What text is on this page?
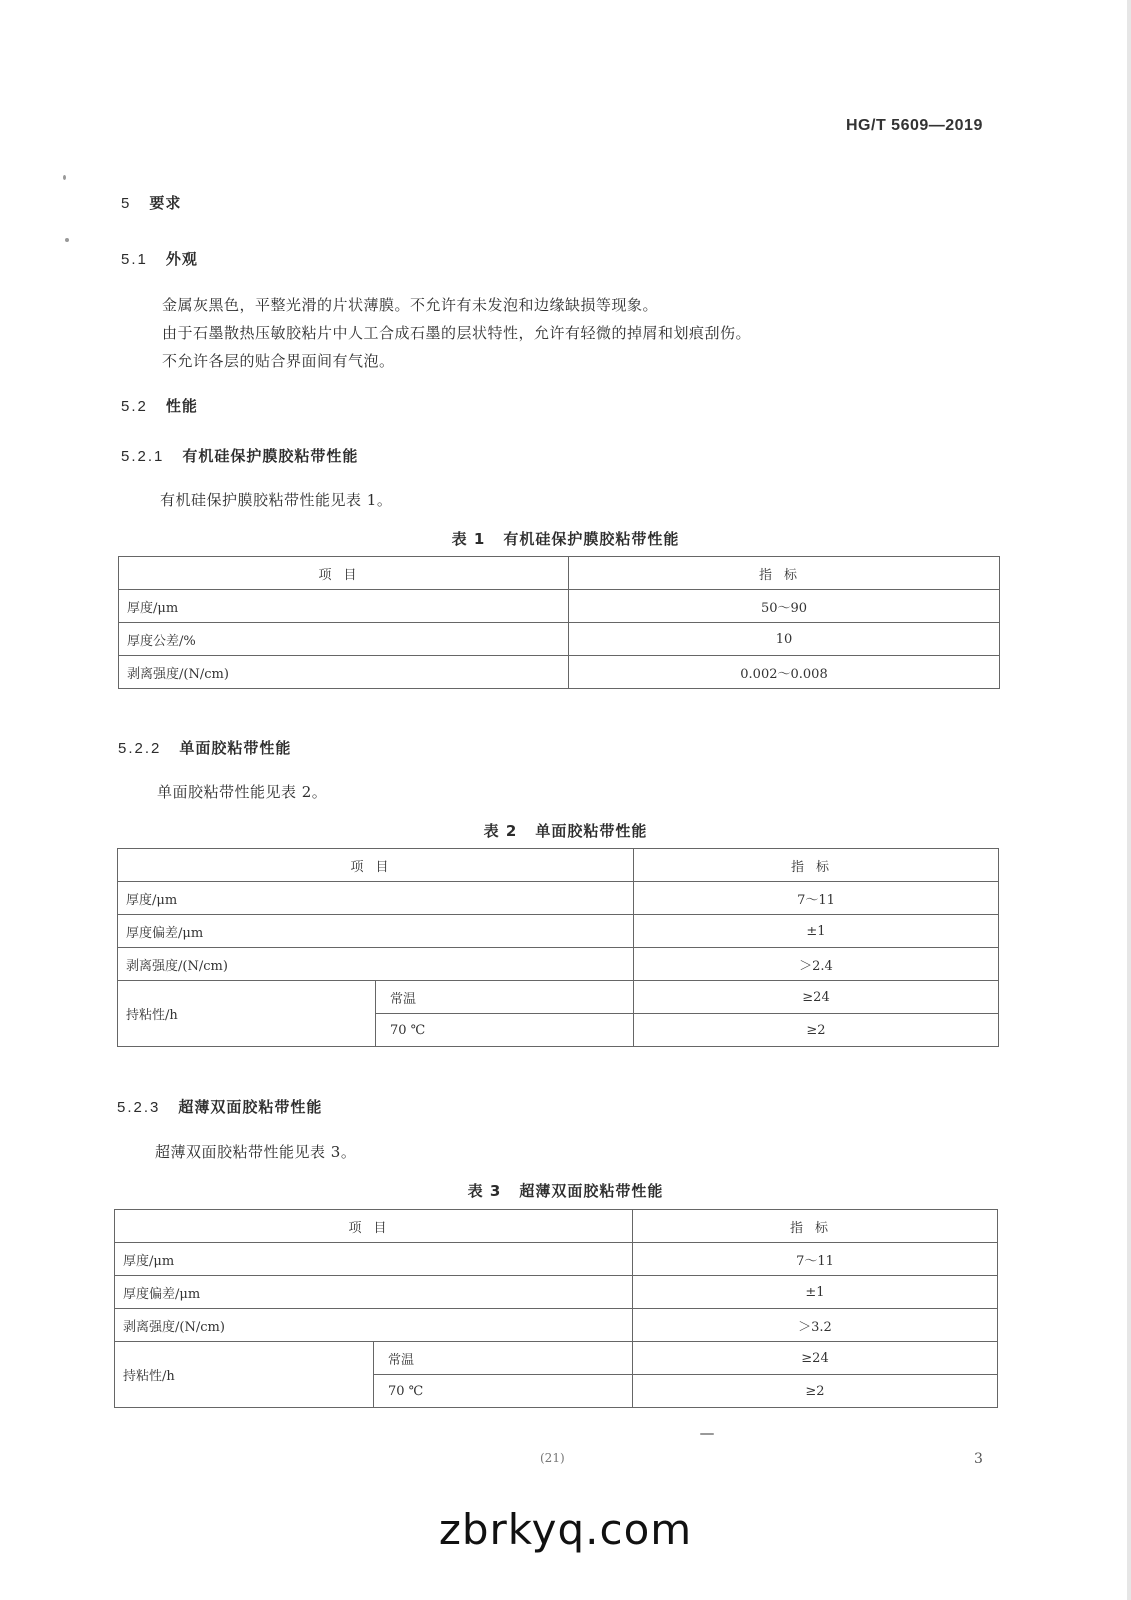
HG/T 5609—2019
5 要求
5.1 外观
金属灰黑色，平整光滑的片状薄膜。不允许有未发泡和边缘缺损等现象。
由于石墨散热压敏胶粘片中人工合成石墨的层状特性，允许有轻微的掉屑和划痕刮伤。
不允许各层的贴合界面间有气泡。
5.2 性能
5.2.1 有机硅保护膜胶粘带性能
有机硅保护膜胶粘带性能见表 1。
表 1 有机硅保护膜胶粘带性能
项目	指标
厚度/μm	50～90
厚度公差/%	10
剥离强度/(N/cm)	0.002～0.008
5.2.2 单面胶粘带性能
单面胶粘带性能见表 2。
表 2 单面胶粘带性能
项目		指标
厚度/μm		7～11
厚度偏差/μm		±1
剥离强度/(N/cm)		＞2.4
持粘性/h	常温	≥24
	70 ℃	≥2
5.2.3 超薄双面胶粘带性能
超薄双面胶粘带性能见表 3。
表 3 超薄双面胶粘带性能
项目		指标
厚度/μm		7～11
厚度偏差/μm		±1
剥离强度/(N/cm)		＞3.2
持粘性/h	常温	≥24
	70 ℃	≥2
(21)	3
zbrkyq.com
